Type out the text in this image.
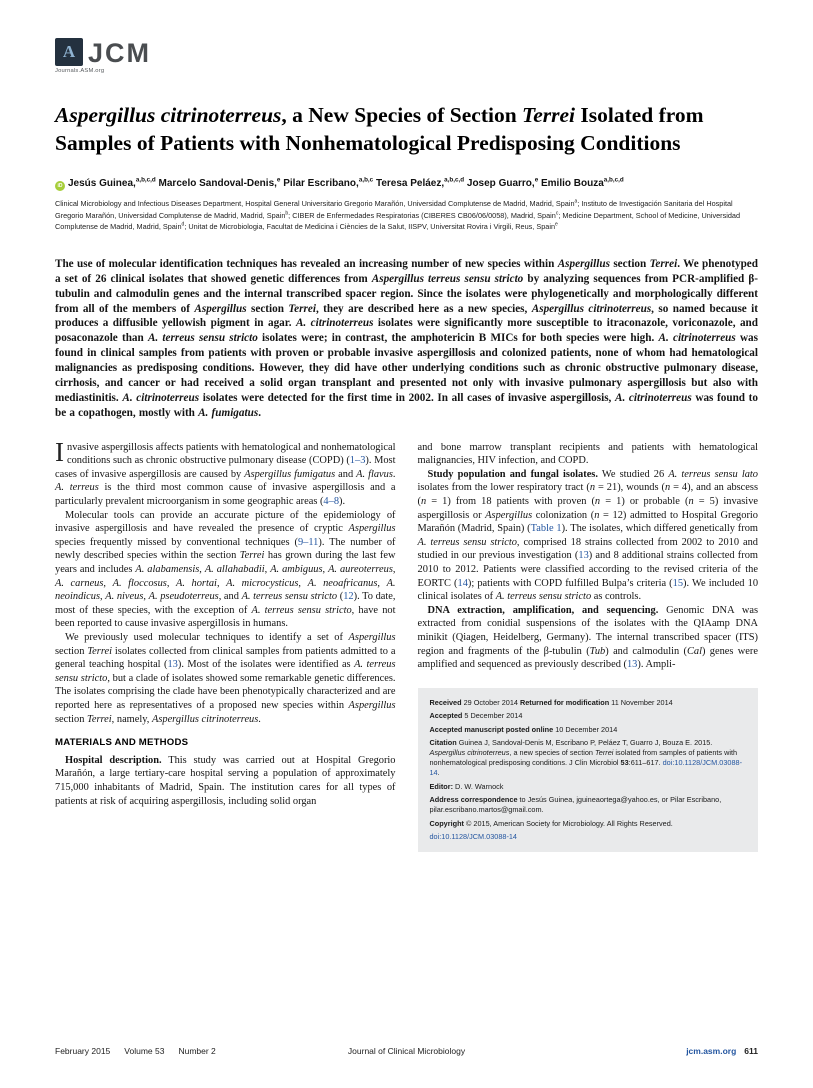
A JCM
Journals.ASM.org
Aspergillus citrinoterreus, a New Species of Section Terrei Isolated from Samples of Patients with Nonhematological Predisposing Conditions
iD Jesús Guinea,$^{a,b,c,d}$ Marcelo Sandoval-Denis,$^e$ Pilar Escribano,$^{a,b,c}$ Teresa Peláez,$^{a,b,c,d}$ Josep Guarro,$^e$ Emilio Bouza$^{a,b,c,d}$

Clinical Microbiology and Infectious Diseases Department, Hospital General Universitario Gregorio Marañón, Universidad Complutense de Madrid, Madrid, Spain$^a$; Instituto de Investigación Sanitaria del Hospital Gregorio Marañón, Universidad Complutense de Madrid, Madrid, Spain$^b$; CIBER de Enfermedades Respiratorias (CIBERES CB06/06/0058), Madrid, Spain$^c$; Medicine Department, School of Medicine, Universidad Complutense de Madrid, Madrid, Spain$^d$; Unitat de Microbiologia, Facultat de Medicina i Ciències de la Salut, IISPV, Universitat Rovira i Virgili, Reus, Spain$^e$

The use of molecular identification techniques has revealed an increasing number of new species within Aspergillus section Terrei. We phenotyped a set of 26 clinical isolates that showed genetic differences from Aspergillus terreus sensu stricto by analyzing sequences from PCR-amplified β-tubulin and calmodulin genes and the internal transcribed spacer region. Since the isolates were phylogenetically and morphologically different from all of the members of Aspergillus section Terrei, they are described here as a new species, Aspergillus citrinoterreus, so named because it produces a diffusible yellowish pigment in agar. A. citrinoterreus isolates were significantly more susceptible to itraconazole, voriconazole, and posaconazole than A. terreus sensu stricto isolates were; in contrast, the amphotericin B MICs for both species were high. A. citrinoterreus was found in clinical samples from patients with proven or probable invasive aspergillosis and colonized patients, none of whom had hematological malignancies as predisposing conditions. However, they did have other underlying conditions such as chronic obstructive pulmonary disease, cirrhosis, and cancer or had received a solid organ transplant and presented not only with invasive pulmonary aspergillosis but also with mediastinitis. A. citrinoterreus isolates were detected for the first time in 2002. In all cases of invasive aspergillosis, A. citrinoterreus was found to be a copathogen, mostly with A. fumigatus.

Invasive aspergillosis affects patients with hematological and nonhematological conditions such as chronic obstructive pulmonary disease (COPD) (1–3). Most cases of invasive aspergillosis are caused by Aspergillus fumigatus and A. flavus. A. terreus is the third most common cause of invasive aspergillosis and a particularly prevalent microorganism in some geographic areas (4–8).

Molecular tools can provide an accurate picture of the epidemiology of invasive aspergillosis and have revealed the presence of cryptic Aspergillus species frequently missed by conventional techniques (9–11). The number of newly described species within the section Terrei has grown during the last few years and includes A. alabamensis, A. allahabadii, A. ambiguus, A. aureoterreus, A. carneus, A. floccosus, A. hortai, A. microcysticus, A. neoafricanus, A. neoindicus, A. niveus, A. pseudoterreus, and A. terreus sensu stricto (12). To date, most of these species, with the exception of A. terreus sensu stricto, have not been reported to cause invasive aspergillosis in humans.

We previously used molecular techniques to identify a set of Aspergillus section Terrei isolates collected from clinical samples from patients admitted to a general teaching hospital (13). Most of the isolates were identified as A. terreus sensu stricto, but a clade of isolates showed some remarkable genetic differences. The isolates comprising the clade have been phenotypically characterized and are reported here as representatives of a proposed new species within Aspergillus section Terrei, namely, Aspergillus citrinoterreus.

MATERIALS AND METHODS

Hospital description. This study was carried out at Hospital Gregorio Marañón, a large tertiary-care hospital serving a population of approximately 715,000 inhabitants of Madrid, Spain. The institution cares for all types of patients at risk of acquiring aspergillosis, including solid organ

and bone marrow transplant recipients and patients with hematological malignancies, HIV infection, and COPD.

Study population and fungal isolates. We studied 26 A. terreus sensu lato isolates from the lower respiratory tract (n = 21), wounds (n = 4), and an abscess (n = 1) from 18 patients with proven (n = 1) or probable (n = 5) invasive aspergillosis or Aspergillus colonization (n = 12) admitted to Hospital Gregorio Marañón (Madrid, Spain) (Table 1). The isolates, which differed genetically from A. terreus sensu stricto, comprised 18 strains collected from 2002 to 2010 and studied in our previous investigation (13) and 8 additional strains collected from 2010 to 2012. Patients were classified according to the revised criteria of the EORTC (14); patients with COPD fulfilled Bulpa’s criteria (15). We included 10 clinical isolates of A. terreus sensu stricto as controls.

DNA extraction, amplification, and sequencing. Genomic DNA was extracted from conidial suspensions of the isolates with the QIAamp DNA minikit (Qiagen, Heidelberg, Germany). The internal transcribed spacer (ITS) region and fragments of the β-tubulin (Tub) and calmodulin (Cal) genes were amplified and sequenced as previously described (13). Ampli-

Received 29 October 2014 Returned for modification 11 November 2014
Accepted 5 December 2014
Accepted manuscript posted online 10 December 2014
Citation Guinea J, Sandoval-Denis M, Escribano P, Peláez T, Guarro J, Bouza E. 2015. Aspergillus citrinoterreus, a new species of section Terrei isolated from samples of patients with nonhematological predisposing conditions. J Clin Microbiol 53:611–617. doi:10.1128/JCM.03088-14.
Editor: D. W. Warnock
Address correspondence to Jesús Guinea, jguineaortega@yahoo.es, or Pilar Escribano, pilar.escribano.martos@gmail.com.
Copyright © 2015, American Society for Microbiology. All Rights Reserved.
doi:10.1128/JCM.03088-14
February 2015 Volume 53 Number 2	Journal of Clinical Microbiology	jcm.asm.org 611
